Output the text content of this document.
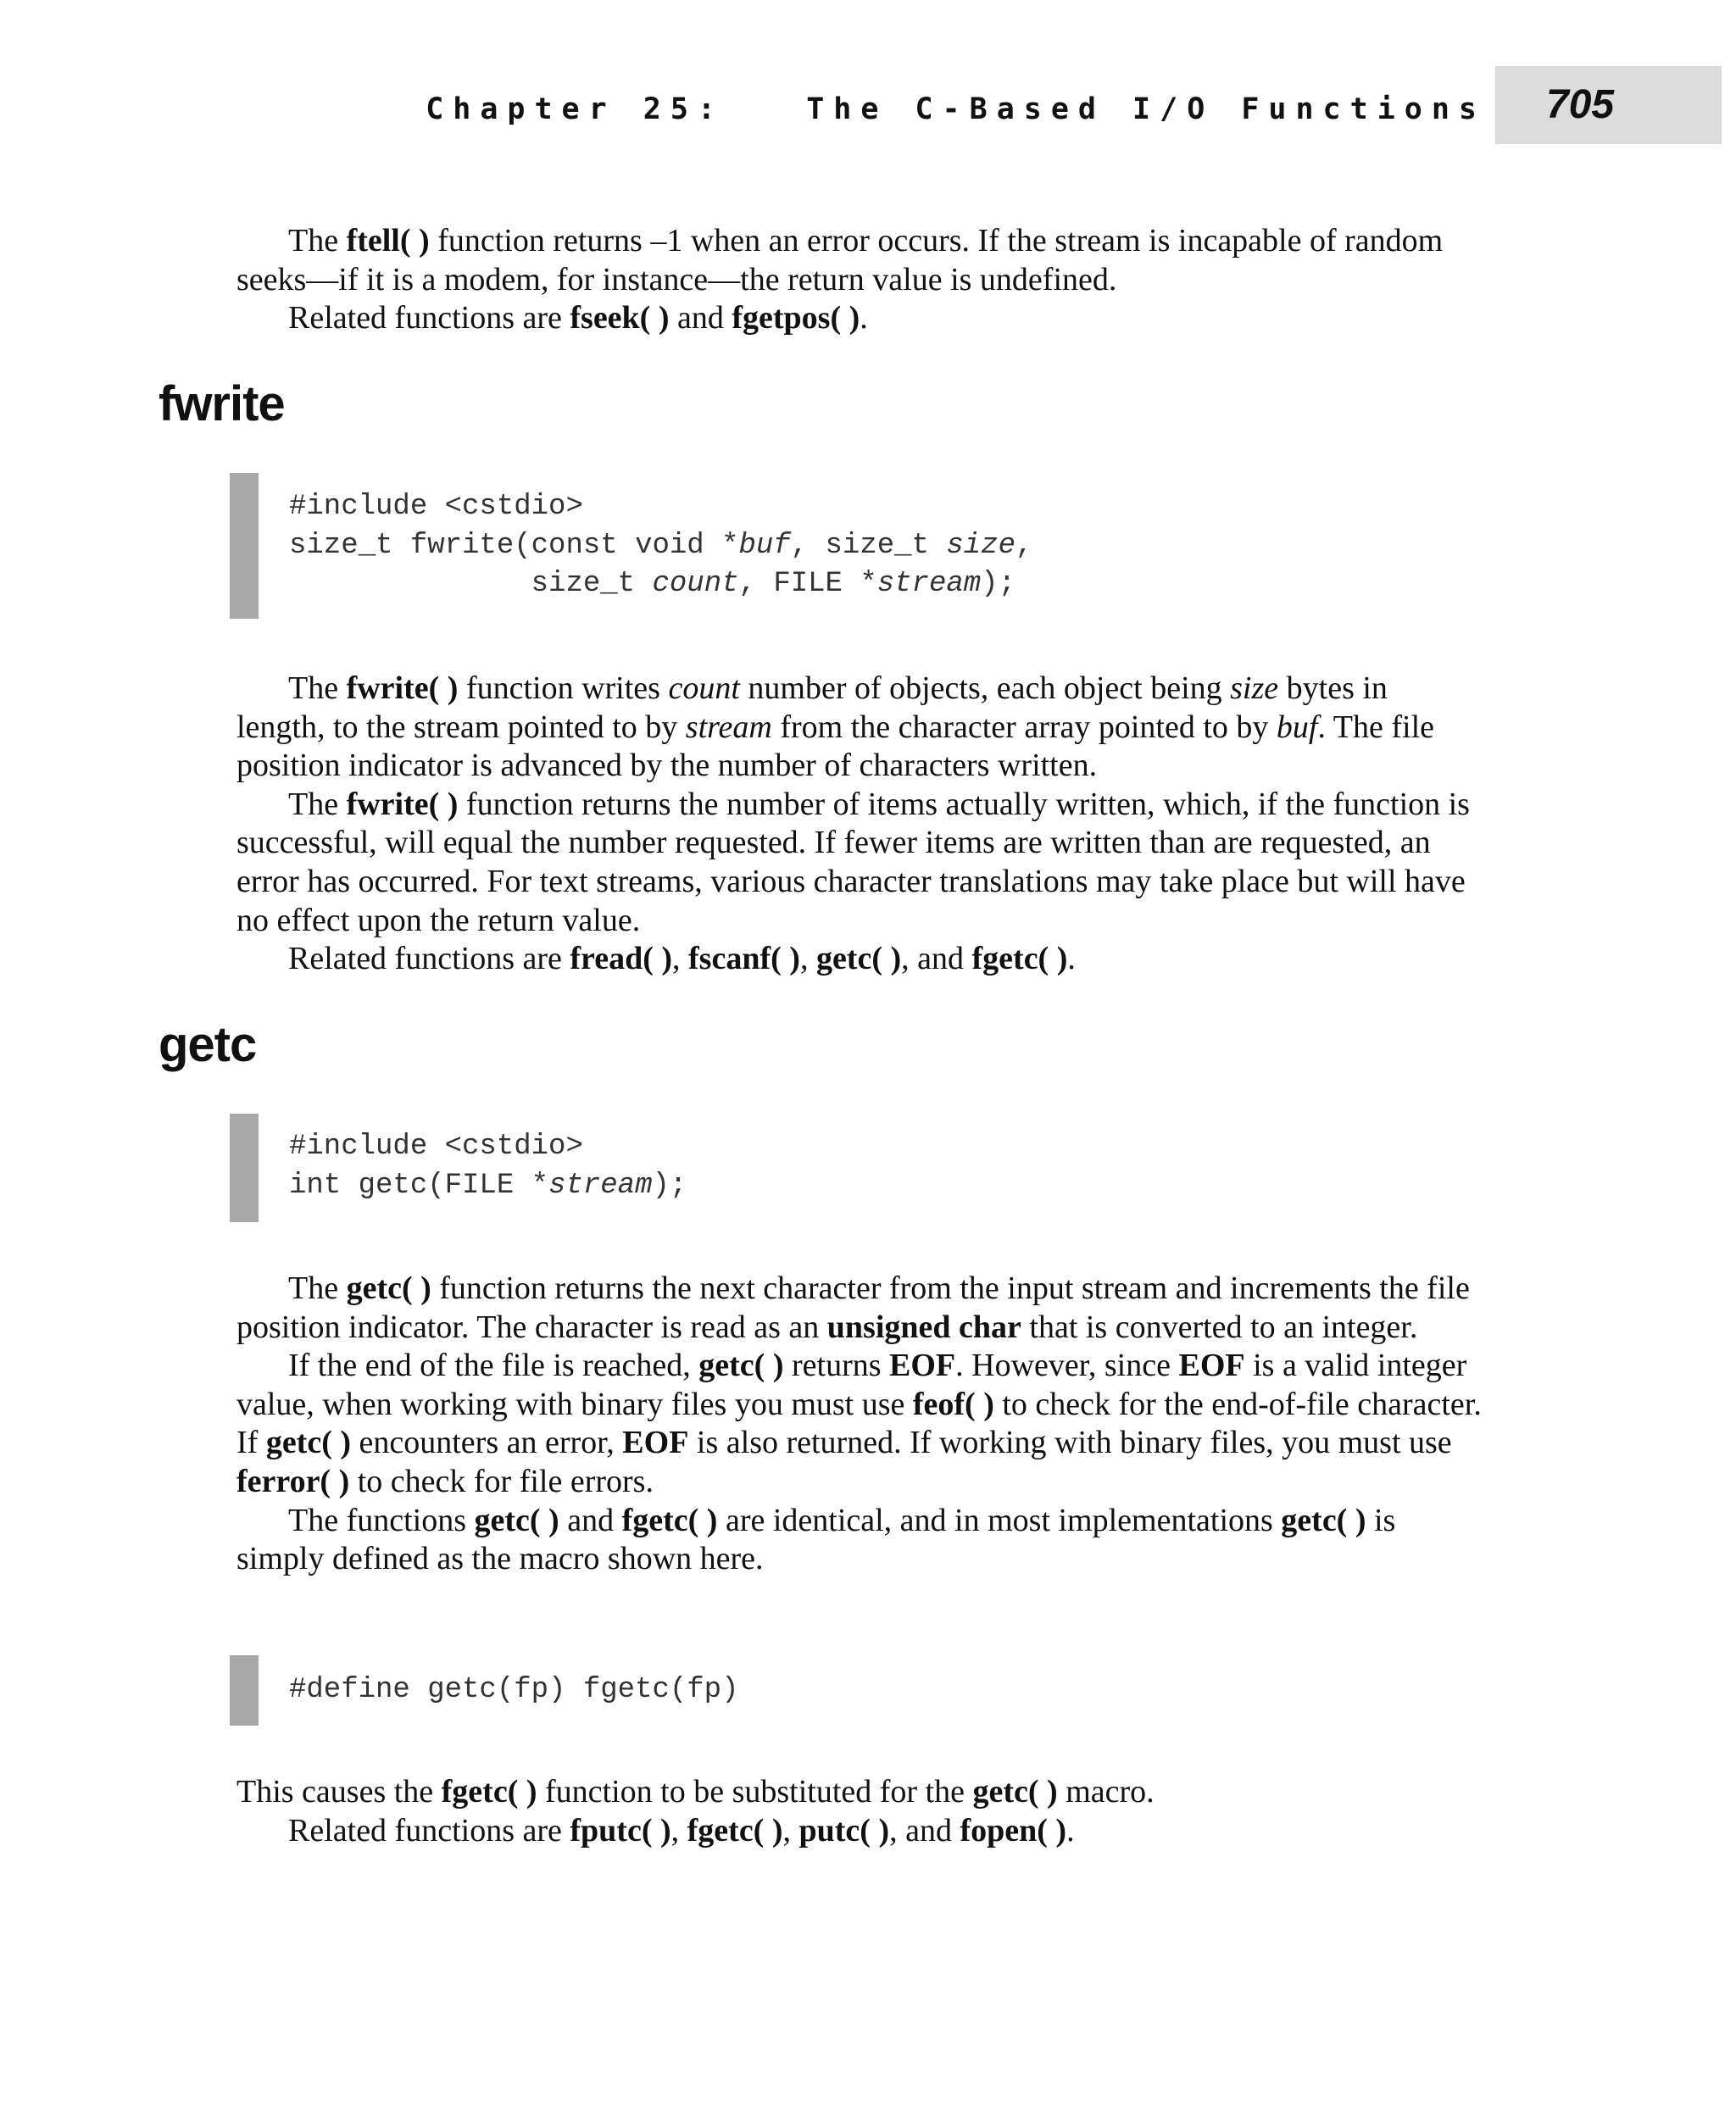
Chapter 25:   The C-Based I/O Functions 705

The ftell( ) function returns –1 when an error occurs. If the stream is incapable of random seeks—if it is a modem, for instance—the return value is undefined.

Related functions are fseek( ) and fgetpos( ).

fwrite
#include <cstdio>
size_t fwrite(const void *buf, size_t size,
size_t count, FILE *stream);

The fwrite( ) function writes count number of objects, each object being size bytes in length, to the stream pointed to by stream from the character array pointed to by buf. The file position indicator is advanced by the number of characters written.

The fwrite( ) function returns the number of items actually written, which, if the function is successful, will equal the number requested. If fewer items are written than are requested, an error has occurred. For text streams, various character translations may take place but will have no effect upon the return value.

Related functions are fread( ), fscanf( ), getc( ), and fgetc( ).

getc
#include <cstdio>
int getc(FILE *stream);

The getc( ) function returns the next character from the input stream and increments the file position indicator. The character is read as an unsigned char that is converted to an integer.

If the end of the file is reached, getc( ) returns EOF. However, since EOF is a valid integer value, when working with binary files you must use feof( ) to check for the end-of-file character. If getc( ) encounters an error, EOF is also returned. If working with binary files, you must use ferror( ) to check for file errors.

The functions getc( ) and fgetc( ) are identical, and in most implementations getc( ) is simply defined as the macro shown here.

#define getc(fp) fgetc(fp)

This causes the fgetc( ) function to be substituted for the getc( ) macro.

Related functions are fputc( ), fgetc( ), putc( ), and fopen( ).
